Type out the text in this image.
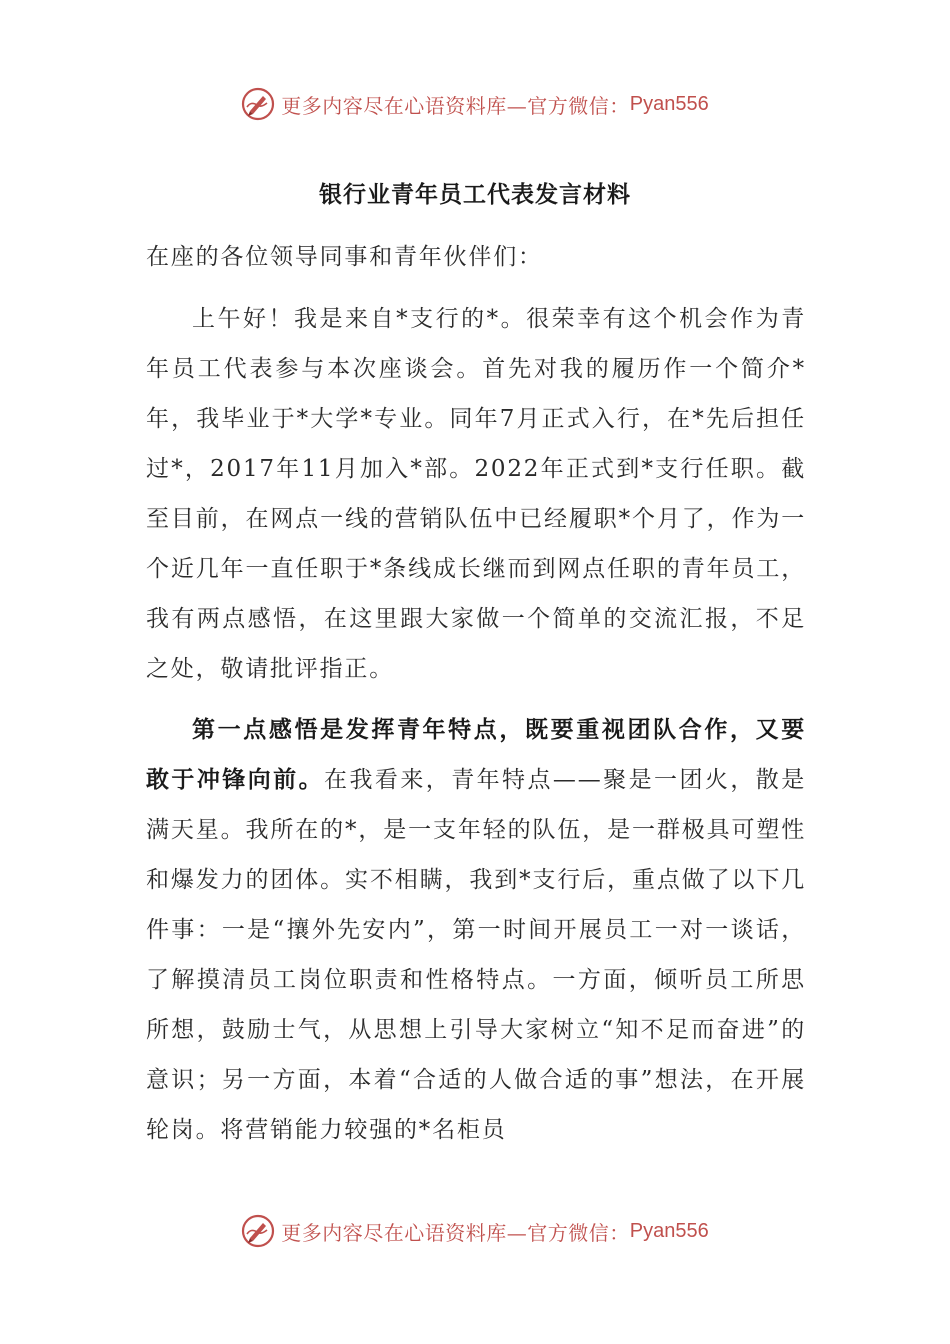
更多内容尽在心语资料库—官方微信： Pyan556
银行业青年员工代表发言材料
在座的各位领导同事和青年伙伴们：

上午好！我是来自*支行的*。很荣幸有这个机会作为青年员工代表参与本次座谈会。首先对我的履历作一个简介*年，我毕业于*大学*专业。同年7月正式入行，在*先后担任过*，2017年11月加入*部。2022年正式到*支行任职。截至目前，在网点一线的营销队伍中已经履职*个月了，作为一个近几年一直任职于*条线成长继而到网点任职的青年员工，我有两点感悟，在这里跟大家做一个简单的交流汇报，不足之处，敬请批评指正。

第一点感悟是发挥青年特点，既要重视团队合作，又要敢于冲锋向前。在我看来，青年特点——聚是一团火，散是满天星。我所在的*，是一支年轻的队伍，是一群极具可塑性和爆发力的团体。实不相瞒，我到*支行后，重点做了以下几件事：一是“攘外先安内”，第一时间开展员工一对一谈话，了解摸清员工岗位职责和性格特点。一方面，倾听员工所思所想，鼓励士气，从思想上引导大家树立“知不足而奋进”的意识；另一方面，本着“合适的人做合适的事”想法，在开展轮岗。将营销能力较强的*名柜员

更多内容尽在心语资料库—官方微信： Pyan556
